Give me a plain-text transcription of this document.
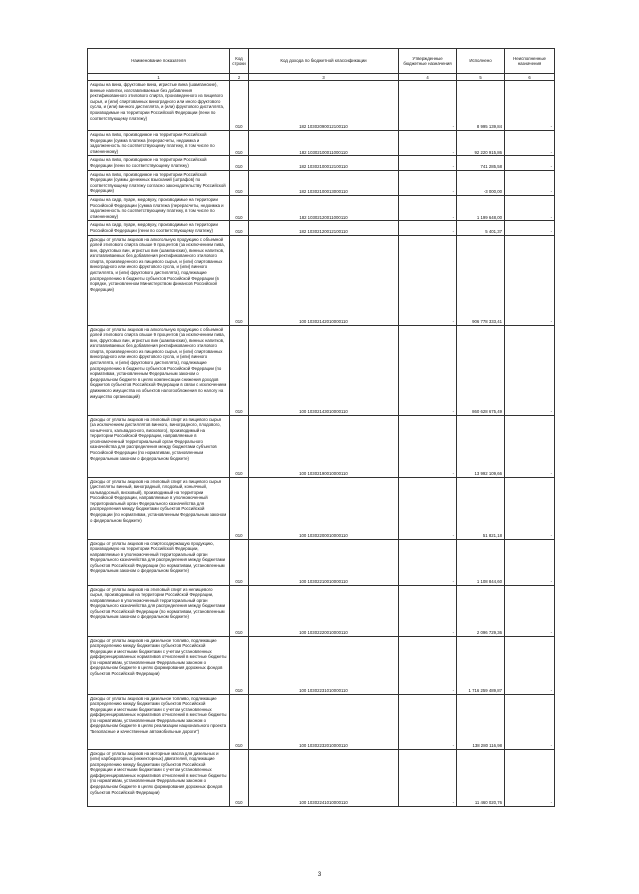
Наименование показателя	Код строки	Код дохода по бюджетной классификации	Утвержденные бюджетные назначения	Исполнено	Неисполненные назначения
1	2	3	4	5	6
Акцизы на вина, фруктовые вина, игристые вина (шампанские), винные напитки, изготавливаемые без добавления ректификованного этилового спирта, произведенного из пищевого сырья, и (или) спиртованных виноградного или иного фруктового сусла, и (или) винного дистиллята, и (или) фруктового дистиллята, производимые на территории Российской Федерации (пени по соответствующему платежу)	010	182 10302090012100110	-	8 995 139,84	-
Акцизы на пиво, производимое на территории Российской Федерации (сумма платежа (перерасчеты, недоимка и задолженность по соответствующему платежу, в том числе по отмененному)	010	182 10302100011000110	-	92 220 915,86	-
Акцизы на пиво, производимое на территории Российской Федерации (пени по соответствующему платежу)	010	182 10302100012100110	-	741 285,58	-
Акцизы на пиво, производимое на территории Российской Федерации (суммы денежных взысканий (штрафов) по соответствующему платежу согласно законодательству Российской Федерации)	010	182 10302100013000110	-	-3 000,00	-
Акцизы на сидр, пуаре, медовуху, производимые на территории Российской Федерации (сумма платежа (перерасчеты, недоимка и задолженность по соответствующему платежу, в том числе по отмененному)	010	182 10302120011000110	-	1 199 648,00	-
Акцизы на сидр, пуаре, медовуху, производимые на территории Российской Федерации (пени по соответствующему платежу)	010	182 10302120012100110	-	5 401,37	-
Доходы от уплаты акцизов на алкогольную продукцию с объемной долей этилового спирта свыше 9 процентов (за исключением пива, вин, фруктовых вин, игристых вин (шампанских), винных напитков, изготавливаемых без добавления ректификованного этилового спирта, произведенного из пищевого сырья, и (или) спиртованных виноградного или иного фруктового сусла, и (или) винного дистиллята, и (или) фруктового дистиллята), подлежащие распределению в бюджеты субъектов Российской Федерации (в порядке, установленном Министерством финансов Российской Федерации)	010	100 10302142010000110	-	906 778 333,41	-
Доходы от уплаты акцизов на алкогольную продукцию с объемной долей этилового спирта свыше 9 процентов (за исключением пива, вин, фруктовых вин, игристых вин (шампанских), винных напитков, изготавливаемых без добавления ректификованного этилового спирта, произведенного из пищевого сырья, и (или) спиртованных виноградного или иного фруктового сусла, и (или) винного дистиллята, и (или) фруктового дистиллята), подлежащие распределению в бюджеты субъектов Российской Федерации (по нормативам, установленным Федеральным законом о федеральном бюджете в целях компенсации снижения доходов бюджетов субъектов Российской Федерации в связи с исключением движимого имущества из объектов налогообложения по налогу на имущество организаций)	010	100 10302143010000110	-	860 628 675,49	-
Доходы от уплаты акцизов на этиловый спирт из пищевого сырья (за исключением дистиллятов винного, виноградного, плодового, коньячного, кальвадосного, вискового), производимый на территории Российской Федерации, направляемые в уполномоченный территориальный орган Федерального казначейства для распределения между бюджетами субъектов Российской Федерации (по нормативам, установленным Федеральным законом о федеральном бюджете)	010	100 10302190010000110	-	13 992 109,66	-
Доходы от уплаты акцизов на этиловый спирт из пищевого сырья (дистилляты винный, виноградный, плодовый, коньячный, кальвадосный, висковый), производимый на территории Российской Федерации, направляемые в уполномоченный территориальный орган Федерального казначейства для распределения между бюджетами субъектов Российской Федерации (по нормативам, установленным Федеральным законом о федеральном бюджете)	010	100 10302200010000110	-	51 821,18	-
Доходы от уплаты акцизов на спиртосодержащую продукцию, производимую на территории Российской Федерации, направляемые в уполномоченный территориальный орган Федерального казначейства для распределения между бюджетами субъектов Российской Федерации (по нормативам, установленным Федеральным законом о федеральном бюджете)	010	100 10302210010000110	-	1 108 844,60	-
Доходы от уплаты акцизов на этиловый спирт из непищевого сырья, производимый на территории Российской Федерации, направляемые в уполномоченный территориальный орган Федерального казначейства для распределения между бюджетами субъектов Российской Федерации (по нормативам, установленным Федеральным законом о федеральном бюджете)	010	100 10302220010000110	-	2 096 729,36	-
Доходы от уплаты акцизов на дизельное топливо, подлежащие распределению между бюджетами субъектов Российской Федерации и местными бюджетами с учетом установленных дифференцированных нормативов отчислений в местные бюджеты (по нормативам, установленным Федеральным законом о федеральном бюджете в целях формирования дорожных фондов субъектов Российской Федерации)	010	100 10302231010000110	-	1 716 259 489,87	-
Доходы от уплаты акцизов на дизельное топливо, подлежащие распределению между бюджетами субъектов Российской Федерации и местными бюджетами с учетом установленных дифференцированных нормативов отчислений в местные бюджеты (по нормативам, установленным Федеральным законом о федеральном бюджете в целях реализации национального проекта "Безопасные и качественные автомобильные дороги")	010	100 10302232010000110	-	138 280 116,98	-
Доходы от уплаты акцизов на моторные масла для дизельных и (или) карбюраторных (инжекторных) двигателей, подлежащие распределению между бюджетами субъектов Российской Федерации и местными бюджетами с учетом установленных дифференцированных нормативов отчислений в местные бюджеты (по нормативам, установленным Федеральным законом о федеральном бюджете в целях формирования дорожных фондов субъектов Российской Федерации)	010	100 10302241010000110	-	11 460 020,76	-
3
